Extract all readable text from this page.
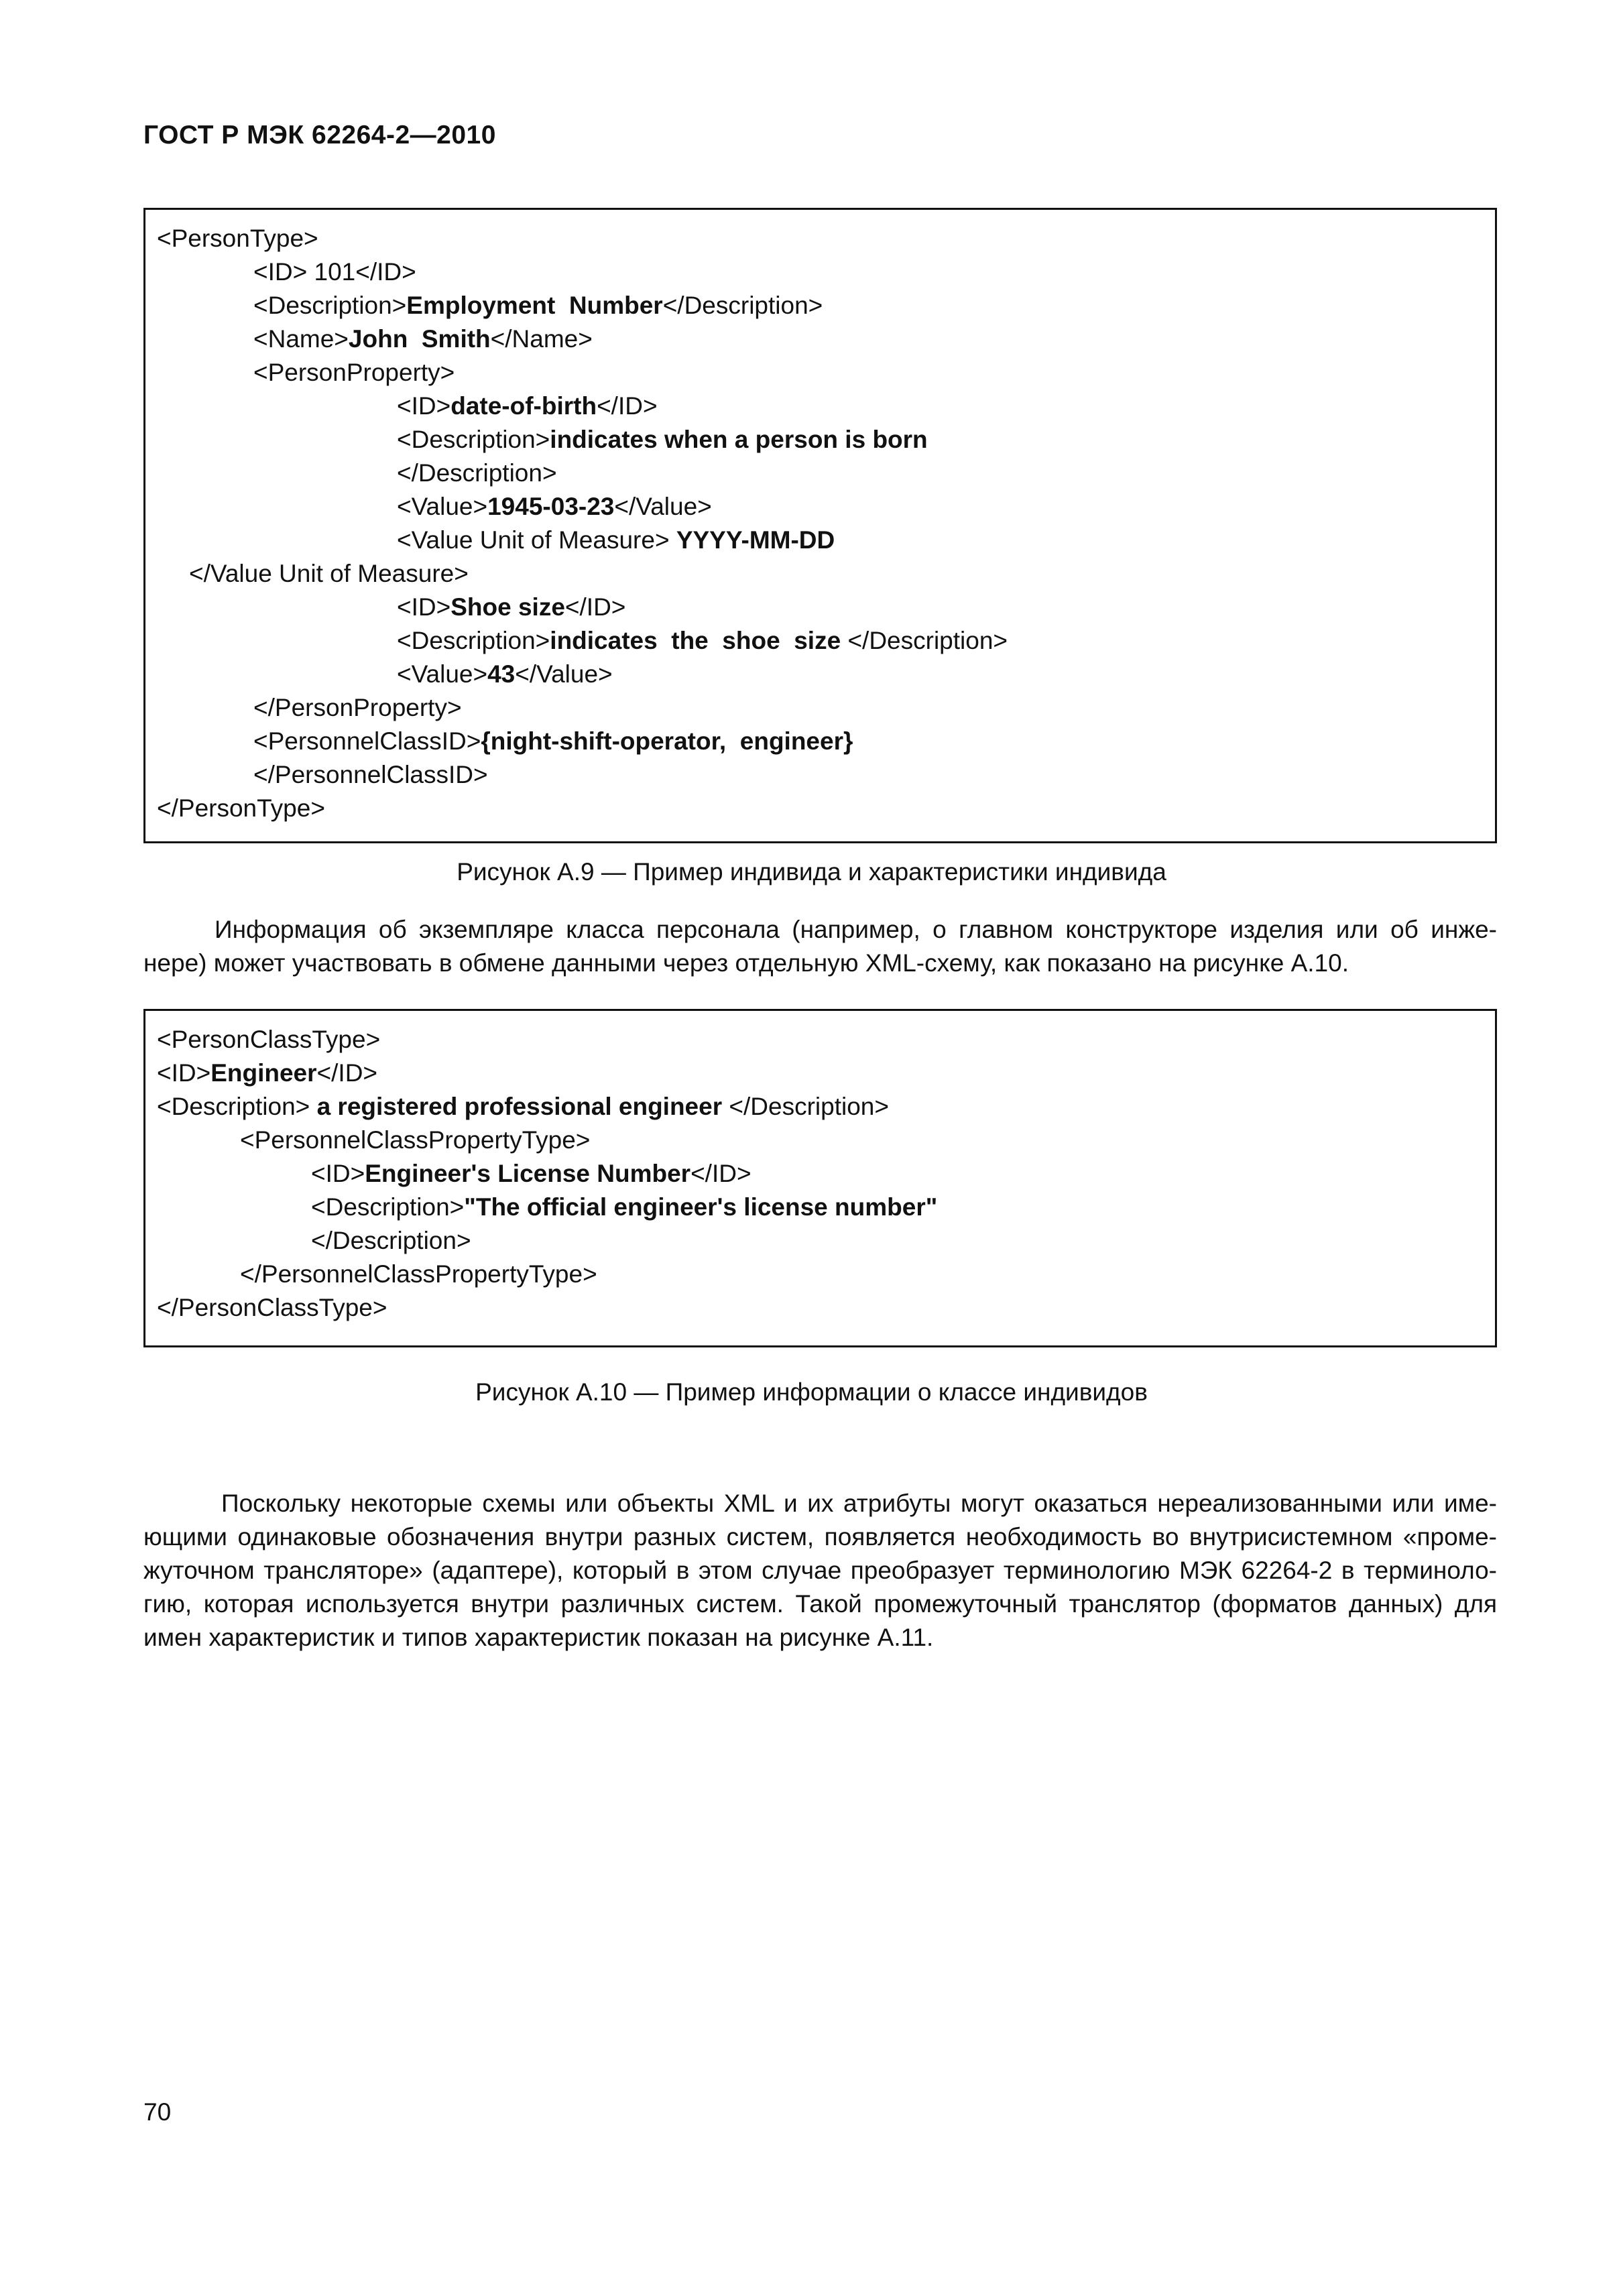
ГОСТ Р МЭК 62264-2—2010
<PersonType>
<ID> 101</ID>
<Description>Employment  Number</Description>
<Name>John  Smith</Name>
<PersonProperty>
<ID>date-of-birth</ID>
<Description>indicates when a person is born
</Description>
<Value>1945-03-23</Value>
<Value Unit of Measure> YYYY-MM-DD
</Value Unit of Measure>
<ID>Shoe size</ID>
<Description>indicates  the  shoe  size </Description>
<Value>43</Value>
</PersonProperty>
<PersonnelClassID>{night-shift-operator,  engineer}
</PersonnelClassID>
</PersonType>
Рисунок А.9 — Пример индивида и характеристики индивида
Информация об экземпляре класса персонала (например, о главном конструкторе изделия или об инже-
нере) может участвовать в обмене данными через отдельную XML-схему, как показано на рисунке А.10.
<PersonClassType>
<ID>Engineer</ID>
<Description> a registered professional engineer </Description>
<PersonnelClassPropertyType>
<ID>Engineer's License Number</ID>
<Description>"The official engineer's license number"
</Description>
</PersonnelClassPropertyType>
</PersonClassType>
Рисунок А.10 — Пример информации о классе индивидов
Поскольку некоторые схемы или объекты XML и их атрибуты могут оказаться нереализованными или име-
ющими одинаковые обозначения внутри разных систем, появляется необходимость во внутрисистемном «проме-
жуточном трансляторе» (адаптере), который в этом случае преобразует терминологию МЭК 62264-2 в терминоло-
гию, которая используется внутри различных систем. Такой промежуточный транслятор (форматов данных) для
имен характеристик и типов характеристик показан на рисунке А.11.
70
